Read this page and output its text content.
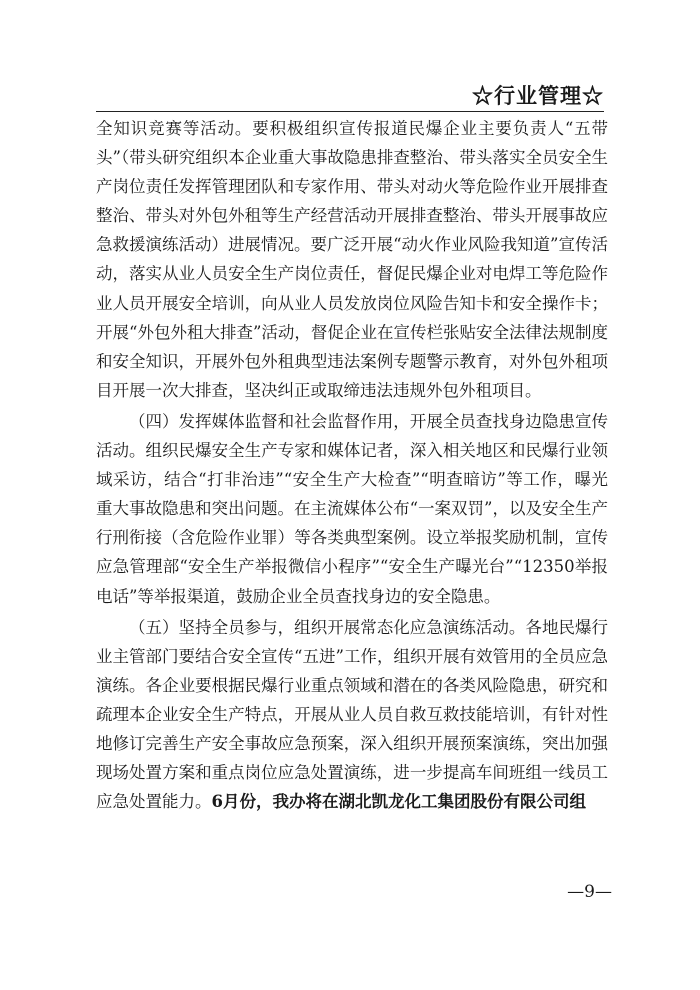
☆行业管理☆

全知识竞赛等活动。要积极组织宣传报道民爆企业主要负责人“五带头”（带头研究组织本企业重大事故隐患排查整治、带头落实全员安全生产岗位责任发挥管理团队和专家作用、带头对动火等危险作业开展排查整治、带头对外包外租等生产经营活动开展排查整治、带头开展事故应急救援演练活动）进展情况。要广泛开展“动火作业风险我知道”宣传活动，落实从业人员安全生产岗位责任，督促民爆企业对电焊工等危险作业人员开展安全培训，向从业人员发放岗位风险告知卡和安全操作卡；开展“外包外租大排查”活动，督促企业在宣传栏张贴安全法律法规制度和安全知识，开展外包外租典型违法案例专题警示教育，对外包外租项目开展一次大排查，坚决纠正或取缔违法违规外包外租项目。

（四）发挥媒体监督和社会监督作用，开展全员查找身边隐患宣传活动。组织民爆安全生产专家和媒体记者，深入相关地区和民爆行业领域采访，结合“打非治违”“安全生产大检查”“明查暗访”等工作，曝光重大事故隐患和突出问题。在主流媒体公布“一案双罚”，以及安全生产行刑衔接（含危险作业罪）等各类典型案例。设立举报奖励机制，宣传应急管理部“安全生产举报微信小程序”“安全生产曝光台”“12350举报电话”等举报渠道，鼓励企业全员查找身边的安全隐患。

（五）坚持全员参与，组织开展常态化应急演练活动。各地民爆行业主管部门要结合安全宣传“五进”工作，组织开展有效管用的全员应急演练。各企业要根据民爆行业重点领域和潜在的各类风险隐患，研究和疏理本企业安全生产特点，开展从业人员自救互救技能培训，有针对性地修订完善生产安全事故应急预案，深入组织开展预案演练，突出加强现场处置方案和重点岗位应急处置演练，进一步提高车间班组一线员工应急处置能力。6月份，我办将在湖北凯龙化工集团股份有限公司组

—9—
